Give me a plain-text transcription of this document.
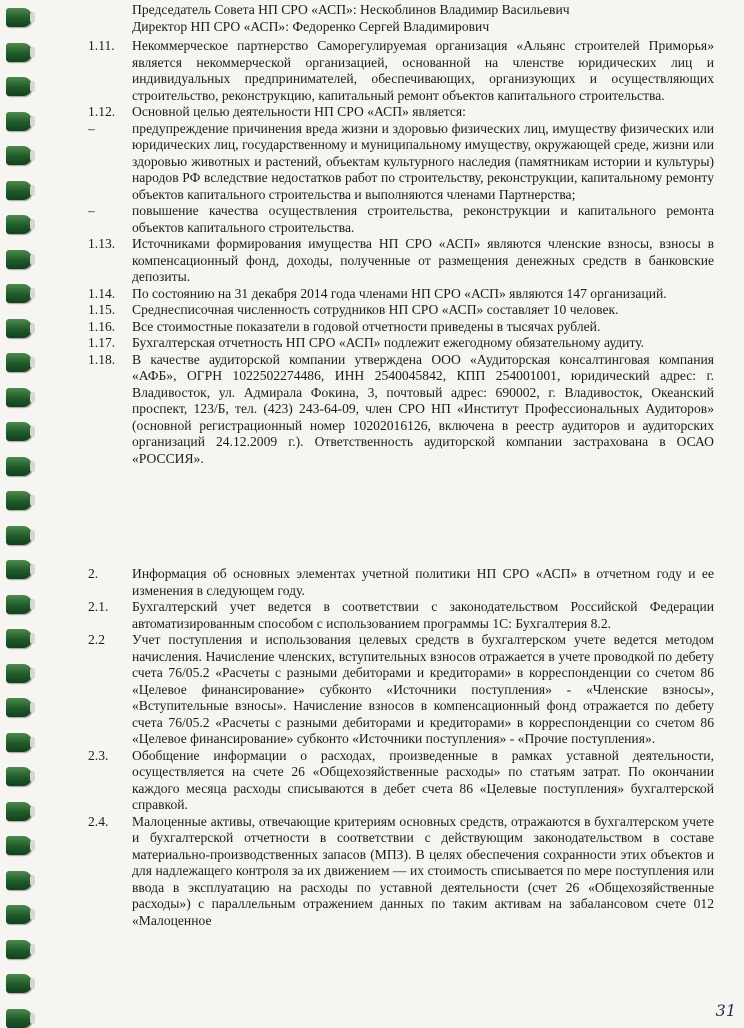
Председатель Совета НП СРО «АСП»: Нескоблинов Владимир Васильевич
Директор НП СРО «АСП»: Федоренко Сергей Владимирович
1.11.	Некоммерческое партнерство Саморегулируемая организация «Альянс строителей Приморья» является некоммерческой организацией, основанной на членстве юридических лиц и индивидуальных предпринимателей, обеспечивающих, организующих и осуществляющих строительство, реконструкцию, капитальный ремонт объектов капитального строительства.
1.12.	Основной целью деятельности НП СРО «АСП» является:
–	предупреждение причинения вреда жизни и здоровью физических лиц, имуществу физических или юридических лиц, государственному и муниципальному имуществу, окружающей среде, жизни или здоровью животных и растений, объектам культурного наследия (памятникам истории и культуры) народов РФ вследствие недостатков работ по строительству, реконструкции, капитальному ремонту объектов капитального строительства и выполняются членами Партнерства;
–	повышение качества осуществления строительства, реконструкции и капитального ремонта объектов капитального строительства.
1.13.	Источниками формирования имущества НП СРО «АСП» являются членские взносы, взносы в компенсационный фонд, доходы, полученные от размещения денежных средств в банковские депозиты.
1.14.	По состоянию на 31 декабря 2014 года членами НП СРО «АСП» являются 147 организаций.
1.15.	Среднесписочная численность сотрудников НП СРО «АСП» составляет 10 человек.
1.16.	Все стоимостные показатели в годовой отчетности приведены в тысячах рублей.
1.17.	Бухгалтерская отчетность НП СРО «АСП» подлежит ежегодному обязательному аудиту.
1.18.	В качестве аудиторской компании утверждена ООО «Аудиторская консалтинговая компания «АФБ», ОГРН 1022502274486, ИНН 2540045842, КПП 254001001, юридический адрес: г. Владивосток, ул. Адмирала Фокина, 3, почтовый адрес: 690002, г. Владивосток, Океанский проспект, 123/Б, тел. (423) 243-64-09, член СРО НП «Институт Профессиональных Аудиторов» (основной регистрационный номер 10202016126, включена в реестр аудиторов и аудиторских организаций 24.12.2009 г.). Ответственность аудиторской компании застрахована в ОСАО «РОССИЯ».
2.	Информация об основных элементах учетной политики НП СРО «АСП» в отчетном году и ее изменения в следующем году.
2.1.	Бухгалтерский учет ведется в соответствии с законодательством Российской Федерации автоматизированным способом с использованием программы 1С: Бухгалтерия 8.2.
2.2	Учет поступления и использования целевых средств в бухгалтерском учете ведется методом начисления. Начисление членских, вступительных взносов отражается в учете проводкой по дебету счета 76/05.2 «Расчеты с разными дебиторами и кредиторами» в корреспонденции со счетом 86 «Целевое финансирование» субконто «Источники поступления» - «Членские взносы», «Вступительные взносы». Начисление взносов в компенсационный фонд отражается по дебету счета 76/05.2 «Расчеты с разными дебиторами и кредиторами» в корреспонденции со счетом 86 «Целевое финансирование» субконто «Источники поступления» - «Прочие поступления».
2.3.	Обобщение информации о расходах, произведенные в рамках уставной деятельности, осуществляется на счете 26 «Общехозяйственные расходы» по статьям затрат. По окончании каждого месяца расходы списываются в дебет счета 86 «Целевые поступления» бухгалтерской справкой.
2.4.	Малоценные активы, отвечающие критериям основных средств, отражаются в бухгалтерском учете и бухгалтерской отчетности в соответствии с действующим законодательством в составе материально-производственных запасов (МПЗ). В целях обеспечения сохранности этих объектов и для надлежащего контроля за их движением — их стоимость списывается по мере поступления или ввода в эксплуатацию на расходы по уставной деятельности (счет 26 «Общехозяйственные расходы») с параллельным отражением данных по таким активам на забалансовом счете 012 «Малоценное
31
